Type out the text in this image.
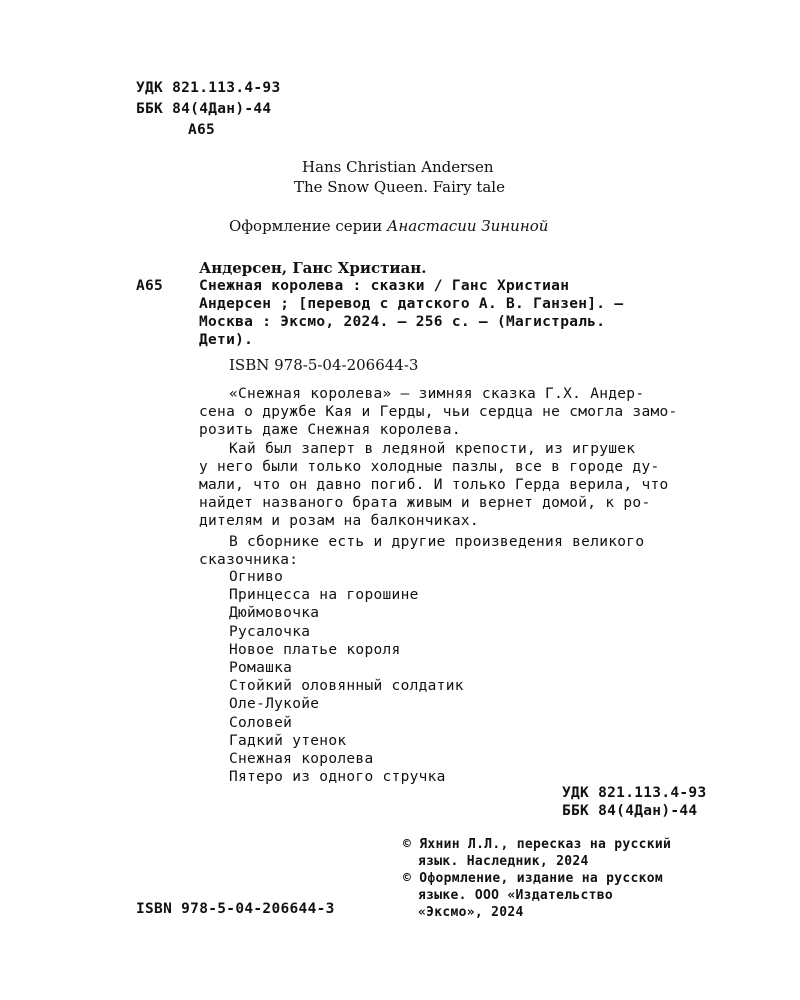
УДК 821.113.4-93
ББК 84(4Дан)-44
А65
Hans Christian Andersen
The Snow Queen. Fairy tale
Оформление серии Анастасии Зининой
Андерсен, Ганс Христиан.
А65 Снежная королева : сказки / Ганс Христиан
Андерсен ; [перевод с датского А. В. Ганзен]. —
Москва : Эксмо, 2024. — 256 с. — (Магистраль.
Дети).
ISBN 978-5-04-206644-3
«Снежная королева» — зимняя сказка Г.Х. Андер-
сена о дружбе Кая и Герды, чьи сердца не смогла замо-
розить даже Снежная королева.
Кай был заперт в ледяной крепости, из игрушек
у него были только холодные пазлы, все в городе ду-
мали, что он давно погиб. И только Герда верила, что
найдет названого брата живым и вернет домой, к ро-
дителям и розам на балкончиках.
В сборнике есть и другие произведения великого
сказочника:
Огниво
Принцесса на горошине
Дюймовочка
Русалочка
Новое платье короля
Ромашка
Стойкий оловянный солдатик
Оле-Лукойе
Соловей
Гадкий утенок
Снежная королева
Пятеро из одного стручка
УДК 821.113.4-93
ББК 84(4Дан)-44
© Яхнин Л.Л., пересказ на русский
язык. Наследник, 2024
© Оформление, издание на русском
языке. ООО «Издательство
«Эксмо», 2024
ISBN 978-5-04-206644-3
